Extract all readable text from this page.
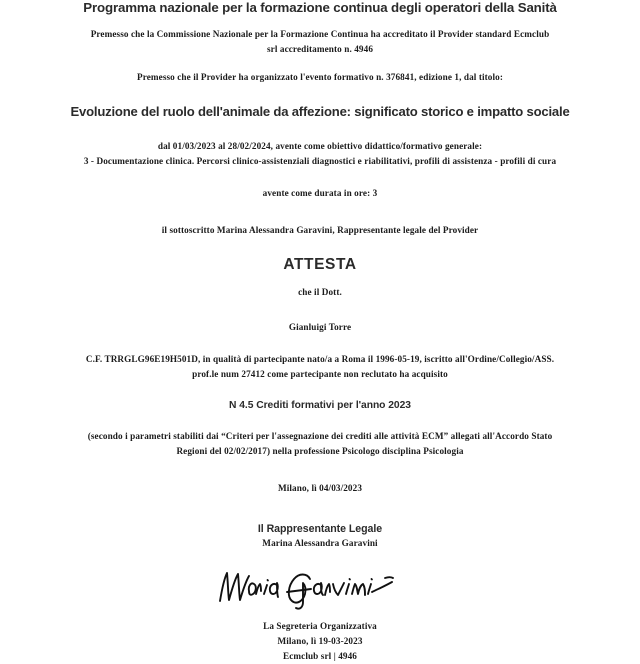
Programma nazionale per la formazione continua degli operatori della Sanità
Premesso che la Commissione Nazionale per la Formazione Continua ha accreditato il Provider standard Ecmclub
srl accreditamento n. 4946
Premesso che il Provider ha organizzato l'evento formativo n. 376841, edizione 1, dal titolo:
Evoluzione del ruolo dell'animale da affezione: significato storico e impatto sociale
dal 01/03/2023 al 28/02/2024, avente come obiettivo didattico/formativo generale:
3 - Documentazione clinica. Percorsi clinico-assistenziali diagnostici e riabilitativi, profili di assistenza - profili di cura
avente come durata in ore: 3
il sottoscritto Marina Alessandra Garavini, Rappresentante legale del Provider
ATTESTA
che il Dott.
Gianluigi Torre
C.F. TRRGLG96E19H501D, in qualità di partecipante nato/a a Roma il 1996-05-19, iscritto all'Ordine/Collegio/ASS.
prof.le num 27412 come partecipante non reclutato ha acquisito
N 4.5 Crediti formativi per l'anno 2023
(secondo i parametri stabiliti dai “Criteri per l'assegnazione dei crediti alle attività ECM” allegati all'Accordo Stato
Regioni del 02/02/2017) nella professione Psicologo disciplina Psicologia
Milano, lì 04/03/2023
Il Rappresentante Legale
Marina Alessandra Garavini
La Segreteria Organizzativa
Milano, lì 19-03-2023
Ecmclub srl | 4946
